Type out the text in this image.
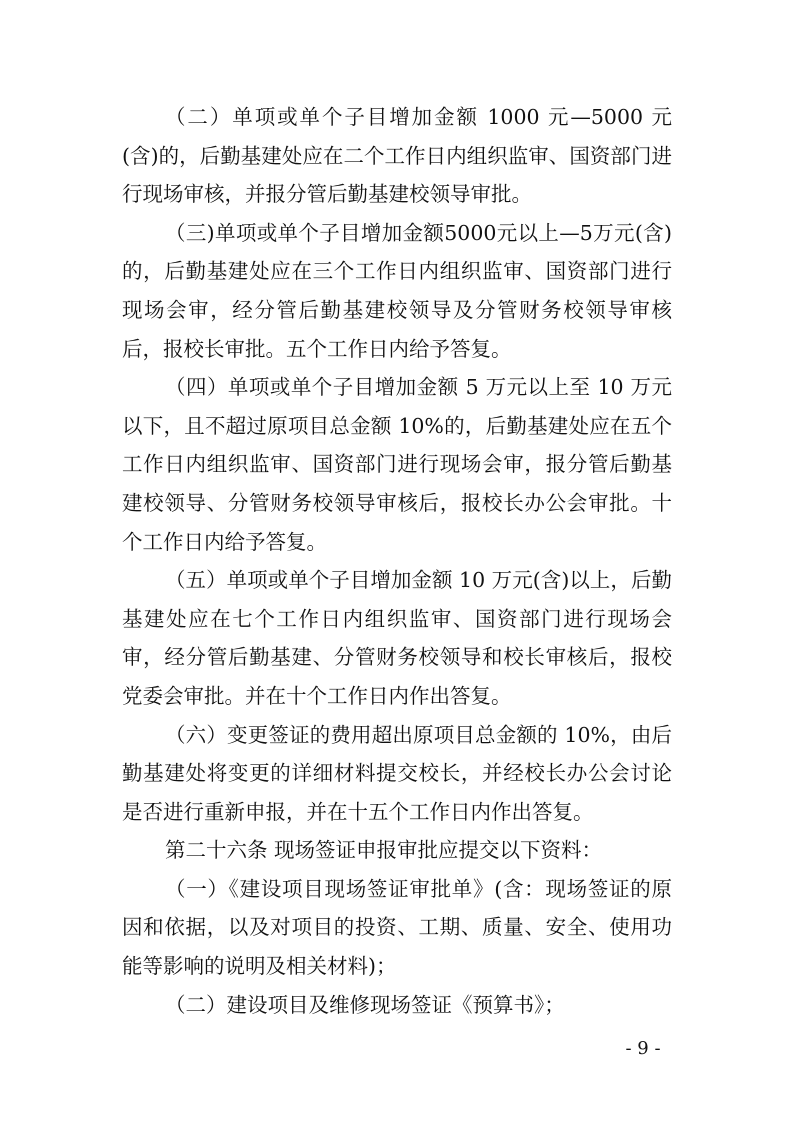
（二）单项或单个子目增加金额 1000 元—5000 元(含)的，后勤基建处应在二个工作日内组织监审、国资部门进行现场审核，并报分管后勤基建校领导审批。

（三)单项或单个子目增加金额5000元以上—5万元(含)的，后勤基建处应在三个工作日内组织监审、国资部门进行现场会审，经分管后勤基建校领导及分管财务校领导审核后，报校长审批。五个工作日内给予答复。

（四）单项或单个子目增加金额 5 万元以上至 10 万元以下，且不超过原项目总金额 10%的，后勤基建处应在五个工作日内组织监审、国资部门进行现场会审，报分管后勤基建校领导、分管财务校领导审核后，报校长办公会审批。十个工作日内给予答复。

（五）单项或单个子目增加金额 10 万元(含)以上，后勤基建处应在七个工作日内组织监审、国资部门进行现场会审，经分管后勤基建、分管财务校领导和校长审核后，报校党委会审批。并在十个工作日内作出答复。

（六）变更签证的费用超出原项目总金额的 10%，由后勤基建处将变更的详细材料提交校长，并经校长办公会讨论是否进行重新申报，并在十五个工作日内作出答复。

第二十六条 现场签证申报审批应提交以下资料：

（一）《建设项目现场签证审批单》(含：现场签证的原因和依据，以及对项目的投资、工期、质量、安全、使用功能等影响的说明及相关材料)；

（二）建设项目及维修现场签证《预算书》；

- 9 -
